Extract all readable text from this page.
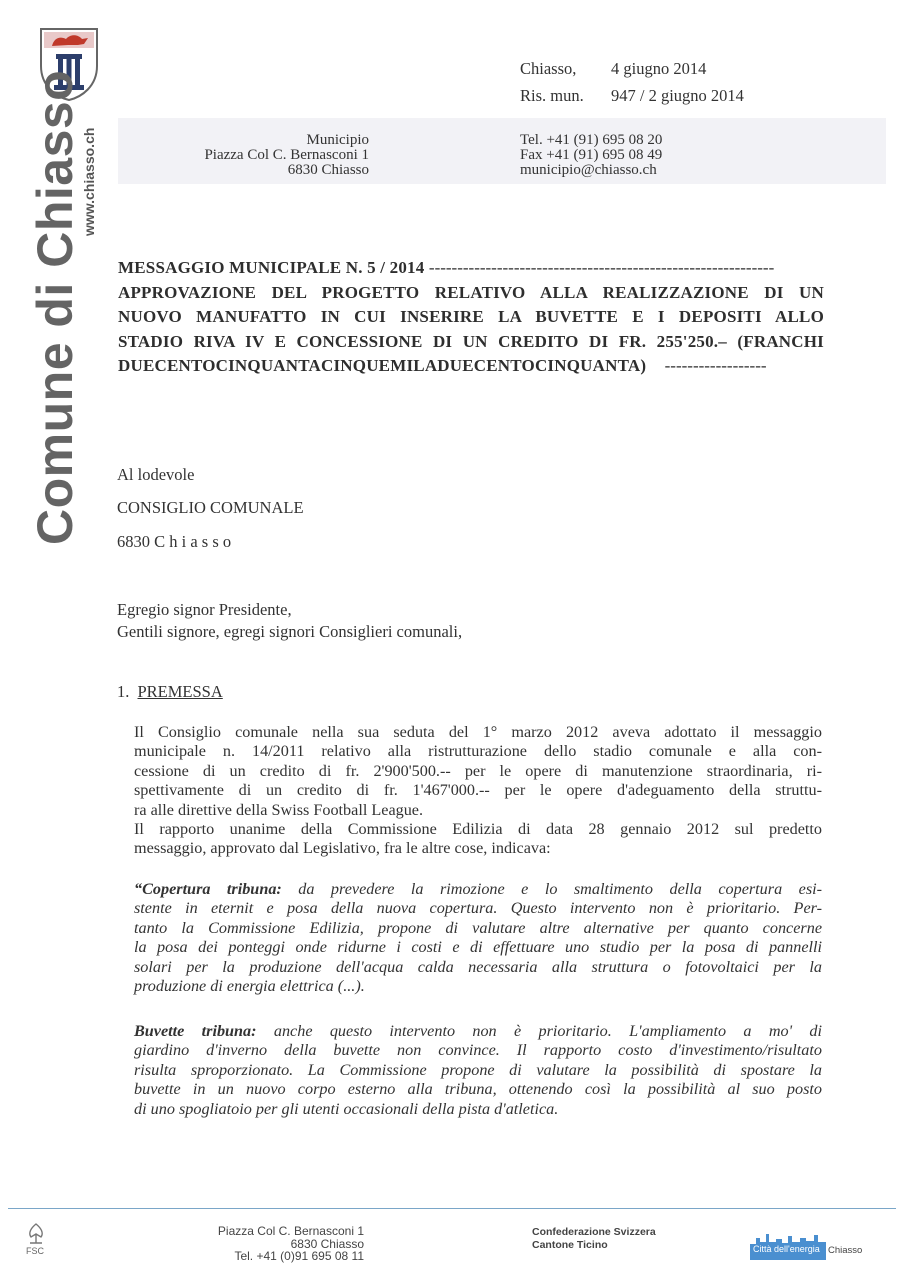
Comune di Chiasso
www.chiasso.ch
Chiasso, 4 giugno 2014
Ris. mun. 947 / 2 giugno 2014
Municipio
Piazza Col C. Bernasconi 1
6830 Chiasso
Tel. +41 (91) 695 08 20
Fax +41 (91) 695 08 49
municipio@chiasso.ch
MESSAGGIO MUNICIPALE N. 5 / 2014 -------------------------------------------------------------
APPROVAZIONE DEL PROGETTO RELATIVO ALLA REALIZZAZIONE DI UN
NUOVO MANUFATTO IN CUI INSERIRE LA BUVETTE E I DEPOSITI ALLO
STADIO RIVA IV E CONCESSIONE DI UN CREDITO DI FR. 255'250.– (FRANCHI
DUECENTOCINQUANTACINQUEMILADUECENTOCINQUANTA) ------------------
Al lodevole
CONSIGLIO COMUNALE
6830 C h i a s s o
Egregio signor Presidente,
Gentili signore, egregi signori Consiglieri comunali,
1. PREMESSA
Il Consiglio comunale nella sua seduta del 1° marzo 2012 aveva adottato il messaggio
municipale n. 14/2011 relativo alla ristrutturazione dello stadio comunale e alla con-
cessione di un credito di fr. 2'900'500.-- per le opere di manutenzione straordinaria, ri-
spettivamente di un credito di fr. 1'467'000.-- per le opere d'adeguamento della struttu-
ra alle direttive della Swiss Football League.
Il rapporto unanime della Commissione Edilizia di data 28 gennaio 2012 sul predetto
messaggio, approvato dal Legislativo, fra le altre cose, indicava:
“Copertura tribuna: da prevedere la rimozione e lo smaltimento della copertura esi-
stente in eternit e posa della nuova copertura. Questo intervento non è prioritario. Per-
tanto la Commissione Edilizia, propone di valutare altre alternative per quanto concerne
la posa dei ponteggi onde ridurne i costi e di effettuare uno studio per la posa di pannelli
solari per la produzione dell'acqua calda necessaria alla struttura o fotovoltaici per la
produzione di energia elettrica (...).
Buvette tribuna: anche questo intervento non è prioritario. L'ampliamento a mo' di
giardino d'inverno della buvette non convince. Il rapporto costo d'investimento/risultato
risulta sproporzionato. La Commissione propone di valutare la possibilità di spostare la
buvette in un nuovo corpo esterno alla tribuna, ottenendo così la possibilità al suo posto
di uno spogliatoio per gli utenti occasionali della pista d'atletica.
FSC
Piazza Col C. Bernasconi 1
6830 Chiasso
Tel. +41 (0)91 695 08 11
Confederazione Svizzera
Cantone Ticino	Città dell'energia Chiasso
